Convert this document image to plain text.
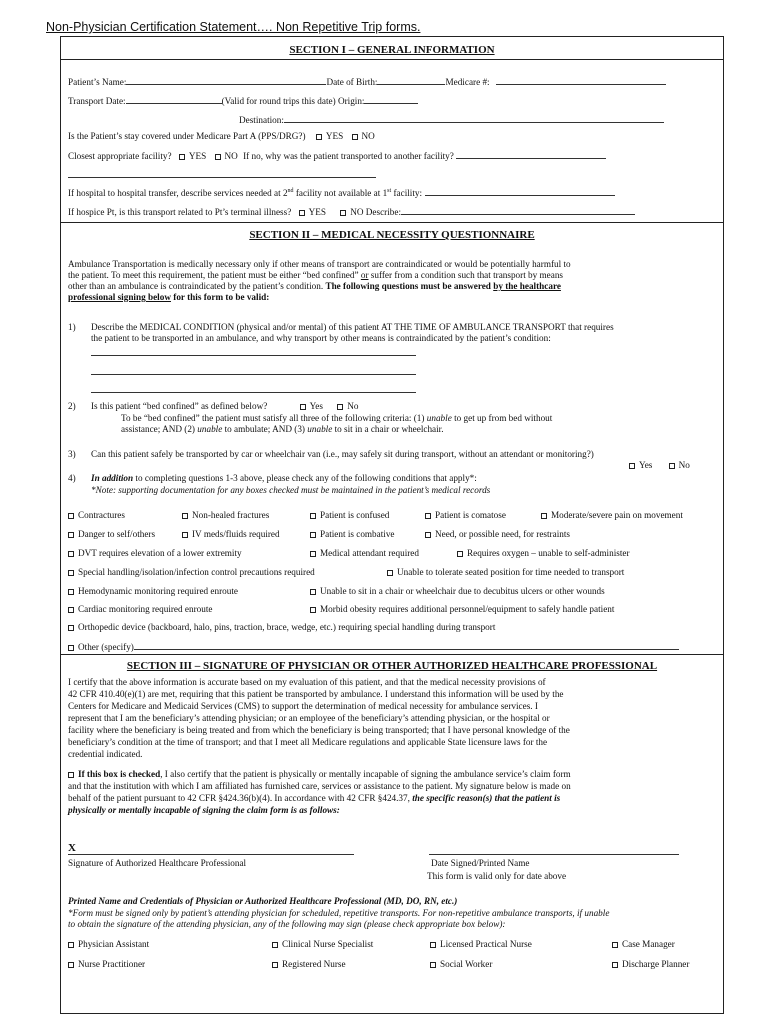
Non-Physician Certification Statement…. Non Repetitive Trip forms.
SECTION I – GENERAL INFORMATION
Patient’s Name:	Date of Birth:	Medicare #:
Transport Date:	(Valid for round trips this date) Origin:
Destination:
Is the Patient’s stay covered under Medicare Part A (PPS/DRG?) YES NO
Closest appropriate facility? YES NO If no, why was the patient transported to another facility?
If hospital to hospital transfer, describe services needed at 2nd facility not available at 1st facility:
If hospice Pt, is this transport related to Pt’s terminal illness? YES	NO Describe:
SECTION II – MEDICAL NECESSITY QUESTIONNAIRE
Ambulance Transportation is medically necessary only if other means of transport are contraindicated or would be potentially harmful to
the patient. To meet this requirement, the patient must be either “bed confined” or suffer from a condition such that transport by means
other than an ambulance is contraindicated by the patient’s condition. The following questions must be answered by the healthcare
professional signing below for this form to be valid:
1) Describe the MEDICAL CONDITION (physical and/or mental) of this patient AT THE TIME OF AMBULANCE TRANSPORT that requires
the patient to be transported in an ambulance, and why transport by other means is contraindicated by the patient’s condition:
2) Is this patient “bed confined” as defined below?	Yes	No
To be “bed confined” the patient must satisfy all three of the following criteria: (1) unable to get up from bed without
assistance; AND (2) unable to ambulate; AND (3) unable to sit in a chair or wheelchair.
3) Can this patient safely be transported by car or wheelchair van (i.e., may safely sit during transport, without an attendant or monitoring?)
Yes	No
4) In addition to completing questions 1-3 above, please check any of the following conditions that apply*:
*Note: supporting documentation for any boxes checked must be maintained in the patient’s medical records
Contractures	Non-healed fractures	Patient is confused	Patient is comatose	Moderate/severe pain on movement
Danger to self/others	IV meds/fluids required	Patient is combative	Need, or possible need, for restraints
DVT requires elevation of a lower extremity	Medical attendant required	Requires oxygen – unable to self-administer
Special handling/isolation/infection control precautions required	Unable to tolerate seated position for time needed to transport
Hemodynamic monitoring required enroute	Unable to sit in a chair or wheelchair due to decubitus ulcers or other wounds
Cardiac monitoring required enroute	Morbid obesity requires additional personnel/equipment to safely handle patient
Orthopedic device (backboard, halo, pins, traction, brace, wedge, etc.) requiring special handling during transport
Other (specify)
SECTION III – SIGNATURE OF PHYSICIAN OR OTHER AUTHORIZED HEALTHCARE PROFESSIONAL
I certify that the above information is accurate based on my evaluation of this patient, and that the medical necessity provisions of
42 CFR 410.40(e)(1) are met, requiring that this patient be transported by ambulance. I understand this information will be used by the
Centers for Medicare and Medicaid Services (CMS) to support the determination of medical necessity for ambulance services. I
represent that I am the beneficiary’s attending physician; or an employee of the beneficiary’s attending physician, or the hospital or
facility where the beneficiary is being treated and from which the beneficiary is being transported; that I have personal knowledge of the
beneficiary’s condition at the time of transport; and that I meet all Medicare regulations and applicable State licensure laws for the
credential indicated.
If this box is checked, I also certify that the patient is physically or mentally incapable of signing the ambulance service’s claim form
and that the institution with which I am affiliated has furnished care, services or assistance to the patient. My signature below is made on
behalf of the patient pursuant to 42 CFR §424.36(b)(4). In accordance with 42 CFR §424.37, the specific reason(s) that the patient is
physically or mentally incapable of signing the claim form is as follows:
X
Signature of Authorized Healthcare Professional	Date Signed/Printed Name
This form is valid only for date above
Printed Name and Credentials of Physician or Authorized Healthcare Professional (MD, DO, RN, etc.)
*Form must be signed only by patient’s attending physician for scheduled, repetitive transports. For non-repetitive ambulance transports, if unable
to obtain the signature of the attending physician, any of the following may sign (please check appropriate box below):
Physician Assistant	Clinical Nurse Specialist	Licensed Practical Nurse	Case Manager
Nurse Practitioner	Registered Nurse	Social Worker	Discharge Planner
